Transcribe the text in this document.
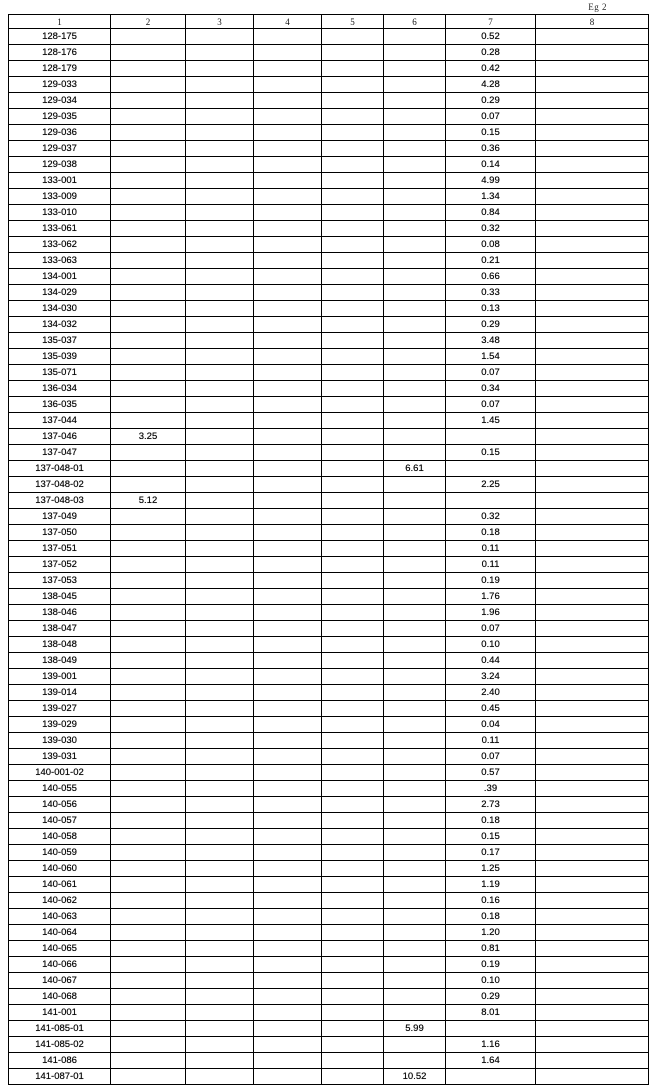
Eg 2
1	2	3	4	5	6	7	8
128-175						0.52	
128-176						0.28	
128-179						0.42	
129-033						4.28	
129-034						0.29	
129-035						0.07	
129-036						0.15	
129-037						0.36	
129-038						0.14	
133-001						4.99	
133-009						1.34	
133-010						0.84	
133-061						0.32	
133-062						0.08	
133-063						0.21	
134-001						0.66	
134-029						0.33	
134-030						0.13	
134-032						0.29	
135-037						3.48	
135-039						1.54	
135-071						0.07	
136-034						0.34	
136-035						0.07	
137-044						1.45	
137-046	3.25						
137-047						0.15	
137-048-01					6.61		
137-048-02						2.25	
137-048-03	5.12						
137-049						0.32	
137-050						0.18	
137-051						0.11	
137-052						0.11	
137-053						0.19	
138-045						1.76	
138-046						1.96	
138-047						0.07	
138-048						0.10	
138-049						0.44	
139-001						3.24	
139-014						2.40	
139-027						0.45	
139-029						0.04	
139-030						0.11	
139-031						0.07	
140-001-02						0.57	
140-055						.39	
140-056						2.73	
140-057						0.18	
140-058						0.15	
140-059						0.17	
140-060						1.25	
140-061						1.19	
140-062						0.16	
140-063						0.18	
140-064						1.20	
140-065						0.81	
140-066						0.19	
140-067						0.10	
140-068						0.29	
141-001						8.01	
141-085-01					5.99		
141-085-02						1.16	
141-086						1.64	
141-087-01					10.52		
